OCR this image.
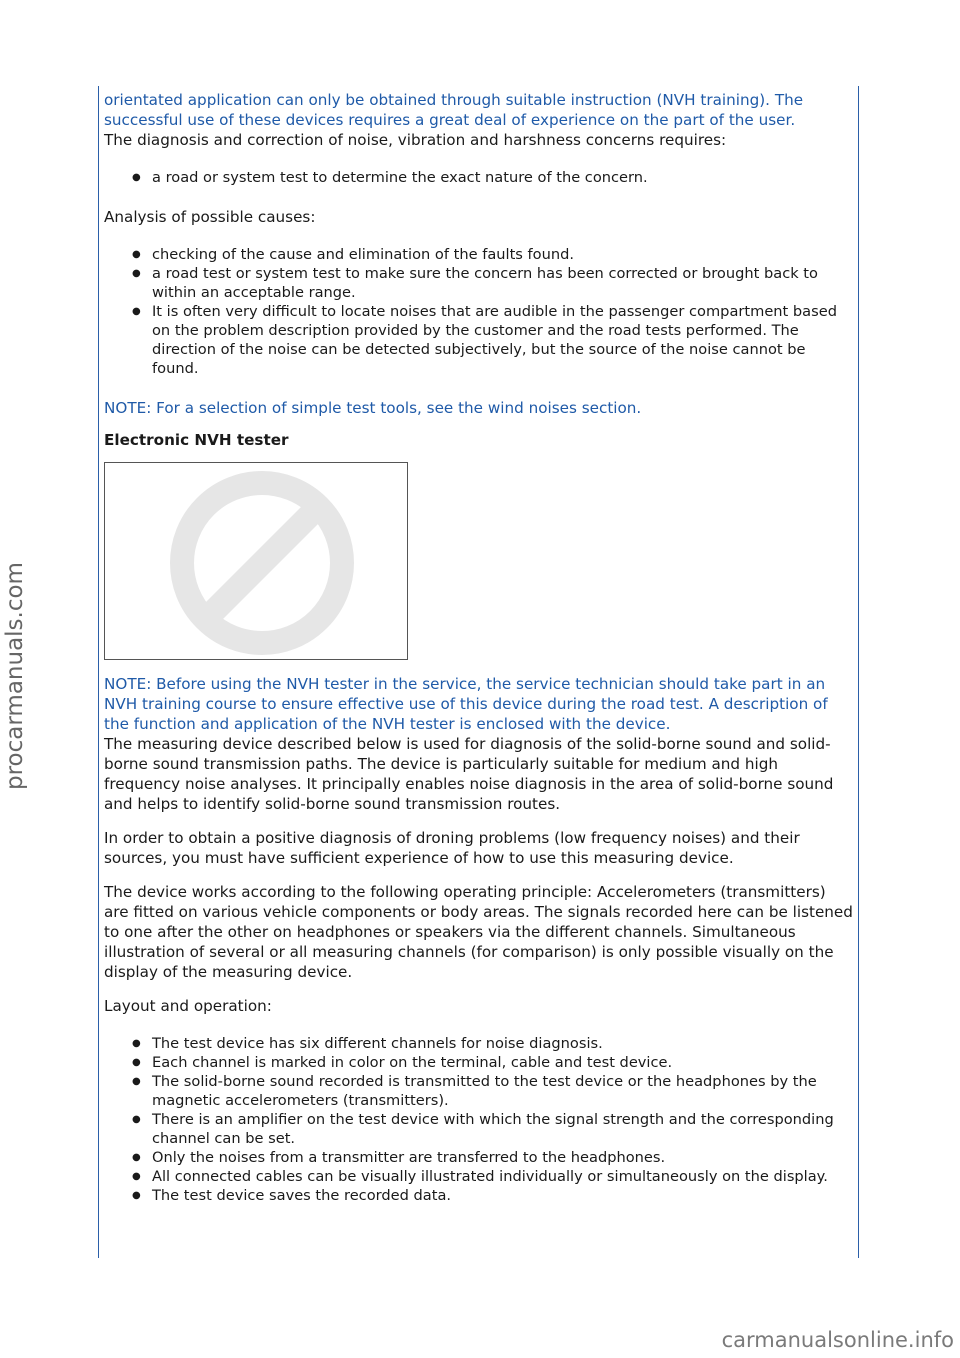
orientated application can only be obtained through suitable instruction (NVH training). The successful use of these devices requires a great deal of experience on the part of the user.

The diagnosis and correction of noise, vibration and harshness concerns requires:

● a road or system test to determine the exact nature of the concern.

Analysis of possible causes:

● checking of the cause and elimination of the faults found.
● a road test or system test to make sure the concern has been corrected or brought back to within an acceptable range.
● It is often very difficult to locate noises that are audible in the passenger compartment based on the problem description provided by the customer and the road tests performed. The direction of the noise can be detected subjectively, but the source of the noise cannot be found.

NOTE: For a selection of simple test tools, see the wind noises section.

Electronic NVH tester

NOTE: Before using the NVH tester in the service, the service technician should take part in an NVH training course to ensure effective use of this device during the road test. A description of the function and application of the NVH tester is enclosed with the device.

The measuring device described below is used for diagnosis of the solid-borne sound and solid-borne sound transmission paths. The device is particularly suitable for medium and high frequency noise analyses. It principally enables noise diagnosis in the area of solid-borne sound and helps to identify solid-borne sound transmission routes.

In order to obtain a positive diagnosis of droning problems (low frequency noises) and their sources, you must have sufficient experience of how to use this measuring device.

The device works according to the following operating principle: Accelerometers (transmitters) are fitted on various vehicle components or body areas. The signals recorded here can be listened to one after the other on headphones or speakers via the different channels. Simultaneous illustration of several or all measuring channels (for comparison) is only possible visually on the display of the measuring device.

Layout and operation:

● The test device has six different channels for noise diagnosis.
● Each channel is marked in color on the terminal, cable and test device.
● The solid-borne sound recorded is transmitted to the test device or the headphones by the magnetic accelerometers (transmitters).
● There is an amplifier on the test device with which the signal strength and the corresponding channel can be set.
● Only the noises from a transmitter are transferred to the headphones.
● All connected cables can be visually illustrated individually or simultaneously on the display.
● The test device saves the recorded data.
procarmanuals.com
carmanualsonline.info
